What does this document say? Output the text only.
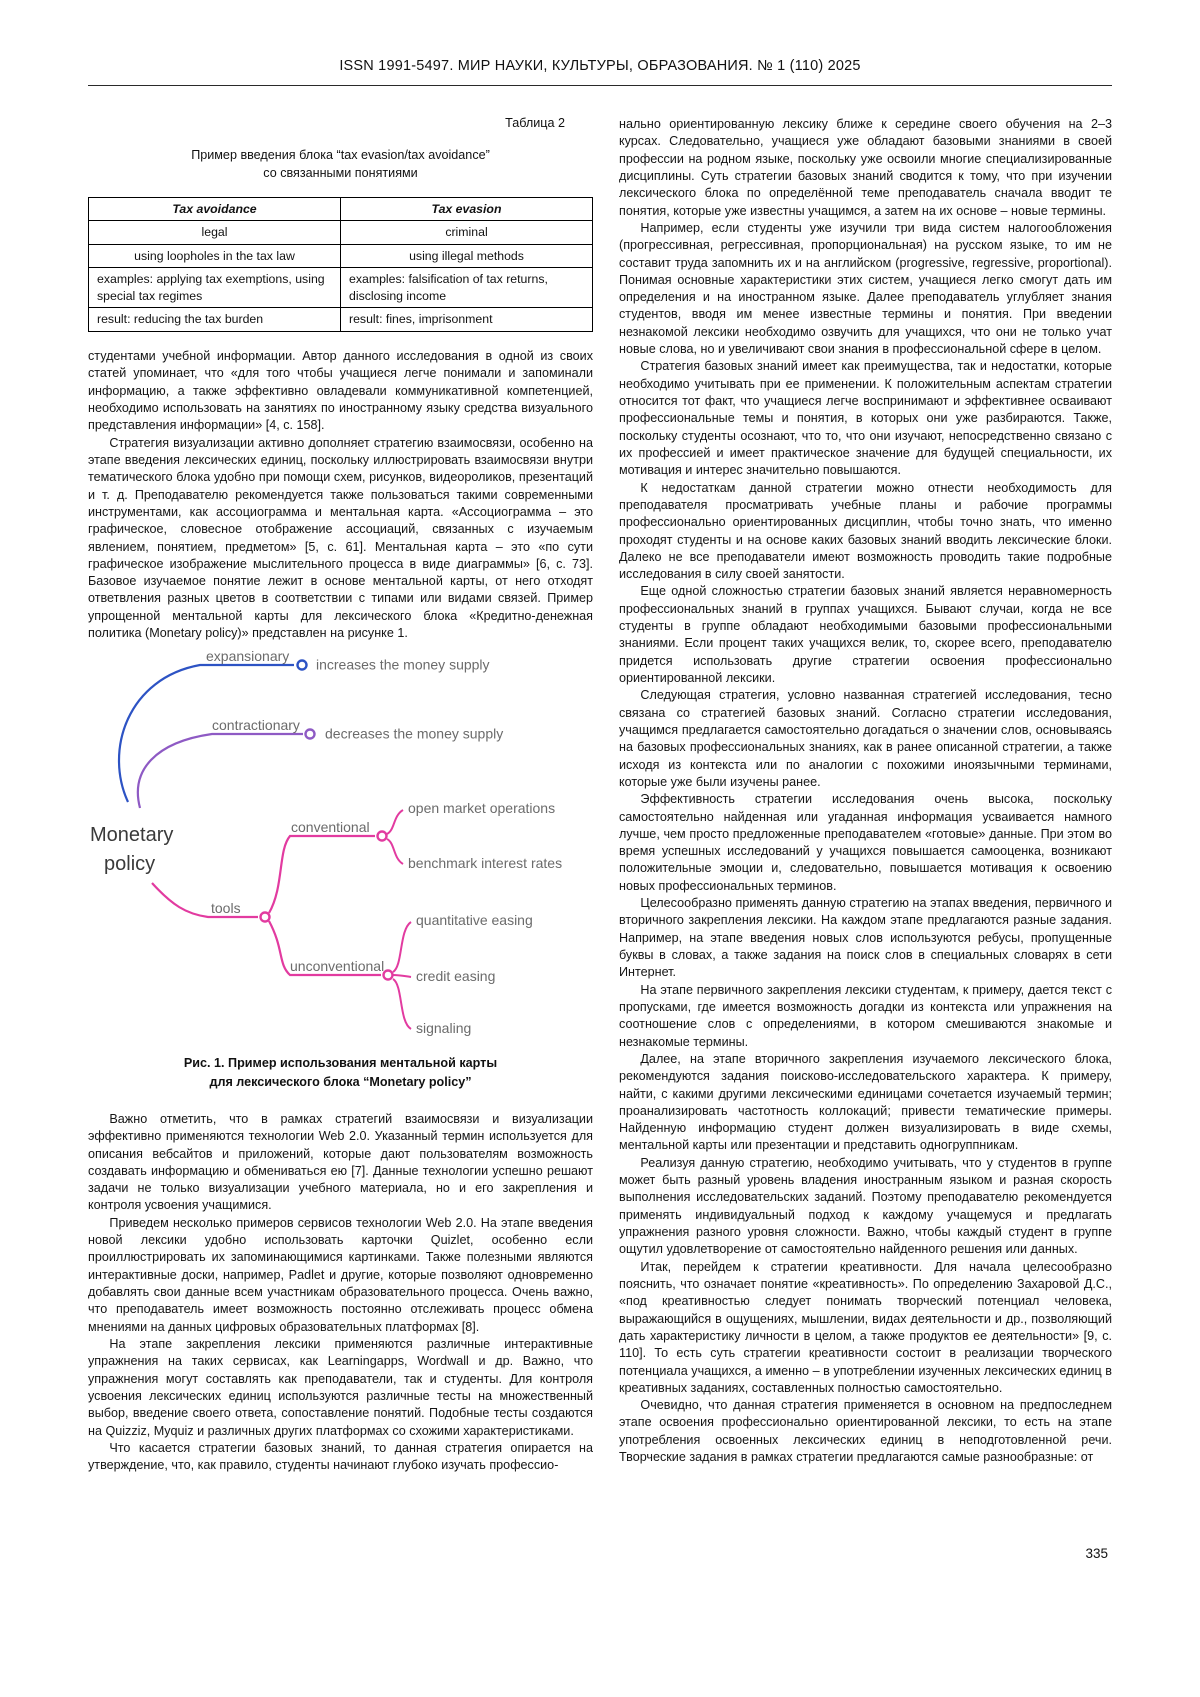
ISSN 1991-5497. МИР НАУКИ, КУЛЬТУРЫ, ОБРАЗОВАНИЯ. № 1 (110) 2025
Таблица 2
Пример введения блока “tax evasion/tax avoidance”
со связанными понятиями
Tax avoidance	Tax evasion
legal	criminal
using loopholes in the tax law	using illegal methods
examples: applying tax exemptions, using special tax regimes	examples: falsification of tax returns, disclosing income
result: reducing the tax burden	result: fines, imprisonment

студентами учебной информации. Автор данного исследования в одной из своих статей упоминает, что «для того чтобы учащиеся легче понимали и запоминали информацию, а также эффективно овладевали коммуникативной компетенцией, необходимо использовать на занятиях по иностранному языку средства визуального представления информации» [4, с. 158].

Стратегия визуализации активно дополняет стратегию взаимосвязи, особенно на этапе введения лексических единиц, поскольку иллюстрировать взаимосвязи внутри тематического блока удобно при помощи схем, рисунков, видеороликов, презентаций и т. д. Преподавателю рекомендуется также пользоваться такими современными инструментами, как ассоциограмма и ментальная карта. «Ассоциограмма – это графическое, словесное отображение ассоциаций, связанных с изучаемым явлением, понятием, предметом» [5, с. 61]. Ментальная карта – это «по сути графическое изображение мыслительного процесса в виде диаграммы» [6, с. 73]. Базовое изучаемое понятие лежит в основе ментальной карты, от него отходят ответвления разных цветов в соответствии с типами или видами связей. Пример упрощенной ментальной карты для лексического блока «Кредитно-денежная политика (Monetary policy)» представлен на рисунке 1.

expansionary
increases the money supply
contractionary
decreases the money supply
Monetary
policy
tools
conventional
open market operations
benchmark interest rates
unconventional
quantitative easing
credit easing
signaling
Рис. 1. Пример использования ментальной карты
для лексического блока “Monetary policy”

Важно отметить, что в рамках стратегий взаимосвязи и визуализации эффективно применяются технологии Web 2.0. Указанный термин используется для описания вебсайтов и приложений, которые дают пользователям возможность создавать информацию и обмениваться ею [7]. Данные технологии успешно решают задачи не только визуализации учебного материала, но и его закрепления и контроля усвоения учащимися.

Приведем несколько примеров сервисов технологии Web 2.0. На этапе введения новой лексики удобно использовать карточки Quizlet, особенно если проиллюстрировать их запоминающимися картинками. Также полезными являются интерактивные доски, например, Padlet и другие, которые позволяют одновременно добавлять свои данные всем участникам образовательного процесса. Очень важно, что преподаватель имеет возможность постоянно отслеживать процесс обмена мнениями на данных цифровых образовательных платформах [8].

На этапе закрепления лексики применяются различные интерактивные упражнения на таких сервисах, как Learningapps, Wordwall и др. Важно, что упражнения могут составлять как преподаватели, так и студенты. Для контроля усвоения лексических единиц используются различные тесты на множественный выбор, введение своего ответа, сопоставление понятий. Подобные тесты создаются на Quizziz, Myquiz и различных других платформах со схожими характеристиками.

Что касается стратегии базовых знаний, то данная стратегия опирается на утверждение, что, как правило, студенты начинают глубоко изучать профессио-

нально ориентированную лексику ближе к середине своего обучения на 2–3 курсах. Следовательно, учащиеся уже обладают базовыми знаниями в своей профессии на родном языке, поскольку уже освоили многие специализированные дисциплины. Суть стратегии базовых знаний сводится к тому, что при изучении лексического блока по определённой теме преподаватель сначала вводит те понятия, которые уже известны учащимся, а затем на их основе – новые термины.

Например, если студенты уже изучили три вида систем налогообложения (прогрессивная, регрессивная, пропорциональная) на русском языке, то им не составит труда запомнить их и на английском (progressive, regressive, proportional). Понимая основные характеристики этих систем, учащиеся легко смогут дать им определения и на иностранном языке. Далее преподаватель углубляет знания студентов, вводя им менее известные термины и понятия. При введении незнакомой лексики необходимо озвучить для учащихся, что они не только учат новые слова, но и увеличивают свои знания в профессиональной сфере в целом.

Стратегия базовых знаний имеет как преимущества, так и недостатки, которые необходимо учитывать при ее применении. К положительным аспектам стратегии относится тот факт, что учащиеся легче воспринимают и эффективнее осваивают профессиональные темы и понятия, в которых они уже разбираются. Также, поскольку студенты осознают, что то, что они изучают, непосредственно связано с их профессией и имеет практическое значение для будущей специальности, их мотивация и интерес значительно повышаются.

К недостаткам данной стратегии можно отнести необходимость для преподавателя просматривать учебные планы и рабочие программы профессионально ориентированных дисциплин, чтобы точно знать, что именно проходят студенты и на основе каких базовых знаний вводить лексические блоки. Далеко не все преподаватели имеют возможность проводить такие подробные исследования в силу своей занятости.

Еще одной сложностью стратегии базовых знаний является неравномерность профессиональных знаний в группах учащихся. Бывают случаи, когда не все студенты в группе обладают необходимыми базовыми профессиональными знаниями. Если процент таких учащихся велик, то, скорее всего, преподавателю придется использовать другие стратегии освоения профессионально ориентированной лексики.

Следующая стратегия, условно названная стратегией исследования, тесно связана со стратегией базовых знаний. Согласно стратегии исследования, учащимся предлагается самостоятельно догадаться о значении слов, основываясь на базовых профессиональных знаниях, как в ранее описанной стратегии, а также исходя из контекста или по аналогии с похожими иноязычными терминами, которые уже были изучены ранее.

Эффективность стратегии исследования очень высока, поскольку самостоятельно найденная или угаданная информация усваивается намного лучше, чем просто предложенные преподавателем «готовые» данные. При этом во время успешных исследований у учащихся повышается самооценка, возникают положительные эмоции и, следовательно, повышается мотивация к освоению новых профессиональных терминов.

Целесообразно применять данную стратегию на этапах введения, первичного и вторичного закрепления лексики. На каждом этапе предлагаются разные задания. Например, на этапе введения новых слов используются ребусы, пропущенные буквы в словах, а также задания на поиск слов в специальных словарях в сети Интернет.

На этапе первичного закрепления лексики студентам, к примеру, дается текст с пропусками, где имеется возможность догадки из контекста или упражнения на соотношение слов с определениями, в котором смешиваются знакомые и незнакомые термины.

Далее, на этапе вторичного закрепления изучаемого лексического блока, рекомендуются задания поисково-исследовательского характера. К примеру, найти, с какими другими лексическими единицами сочетается изучаемый термин; проанализировать частотность коллокаций; привести тематические примеры. Найденную информацию студент должен визуализировать в виде схемы, ментальной карты или презентации и представить одногруппникам.

Реализуя данную стратегию, необходимо учитывать, что у студентов в группе может быть разный уровень владения иностранным языком и разная скорость выполнения исследовательских заданий. Поэтому преподавателю рекомендуется применять индивидуальный подход к каждому учащемуся и предлагать упражнения разного уровня сложности. Важно, чтобы каждый студент в группе ощутил удовлетворение от самостоятельно найденного решения или данных.

Итак, перейдем к стратегии креативности. Для начала целесообразно пояснить, что означает понятие «креативность». По определению Захаровой Д.С., «под креативностью следует понимать творческий потенциал человека, выражающийся в ощущениях, мышлении, видах деятельности и др., позволяющий дать характеристику личности в целом, а также продуктов ее деятельности» [9, с. 110]. То есть суть стратегии креативности состоит в реализации творческого потенциала учащихся, а именно – в употреблении изученных лексических единиц в креативных заданиях, составленных полностью самостоятельно.

Очевидно, что данная стратегия применяется в основном на предпоследнем этапе освоения профессионально ориентированной лексики, то есть на этапе употребления освоенных лексических единиц в неподготовленной речи. Творческие задания в рамках стратегии предлагаются самые разнообразные: от

335
